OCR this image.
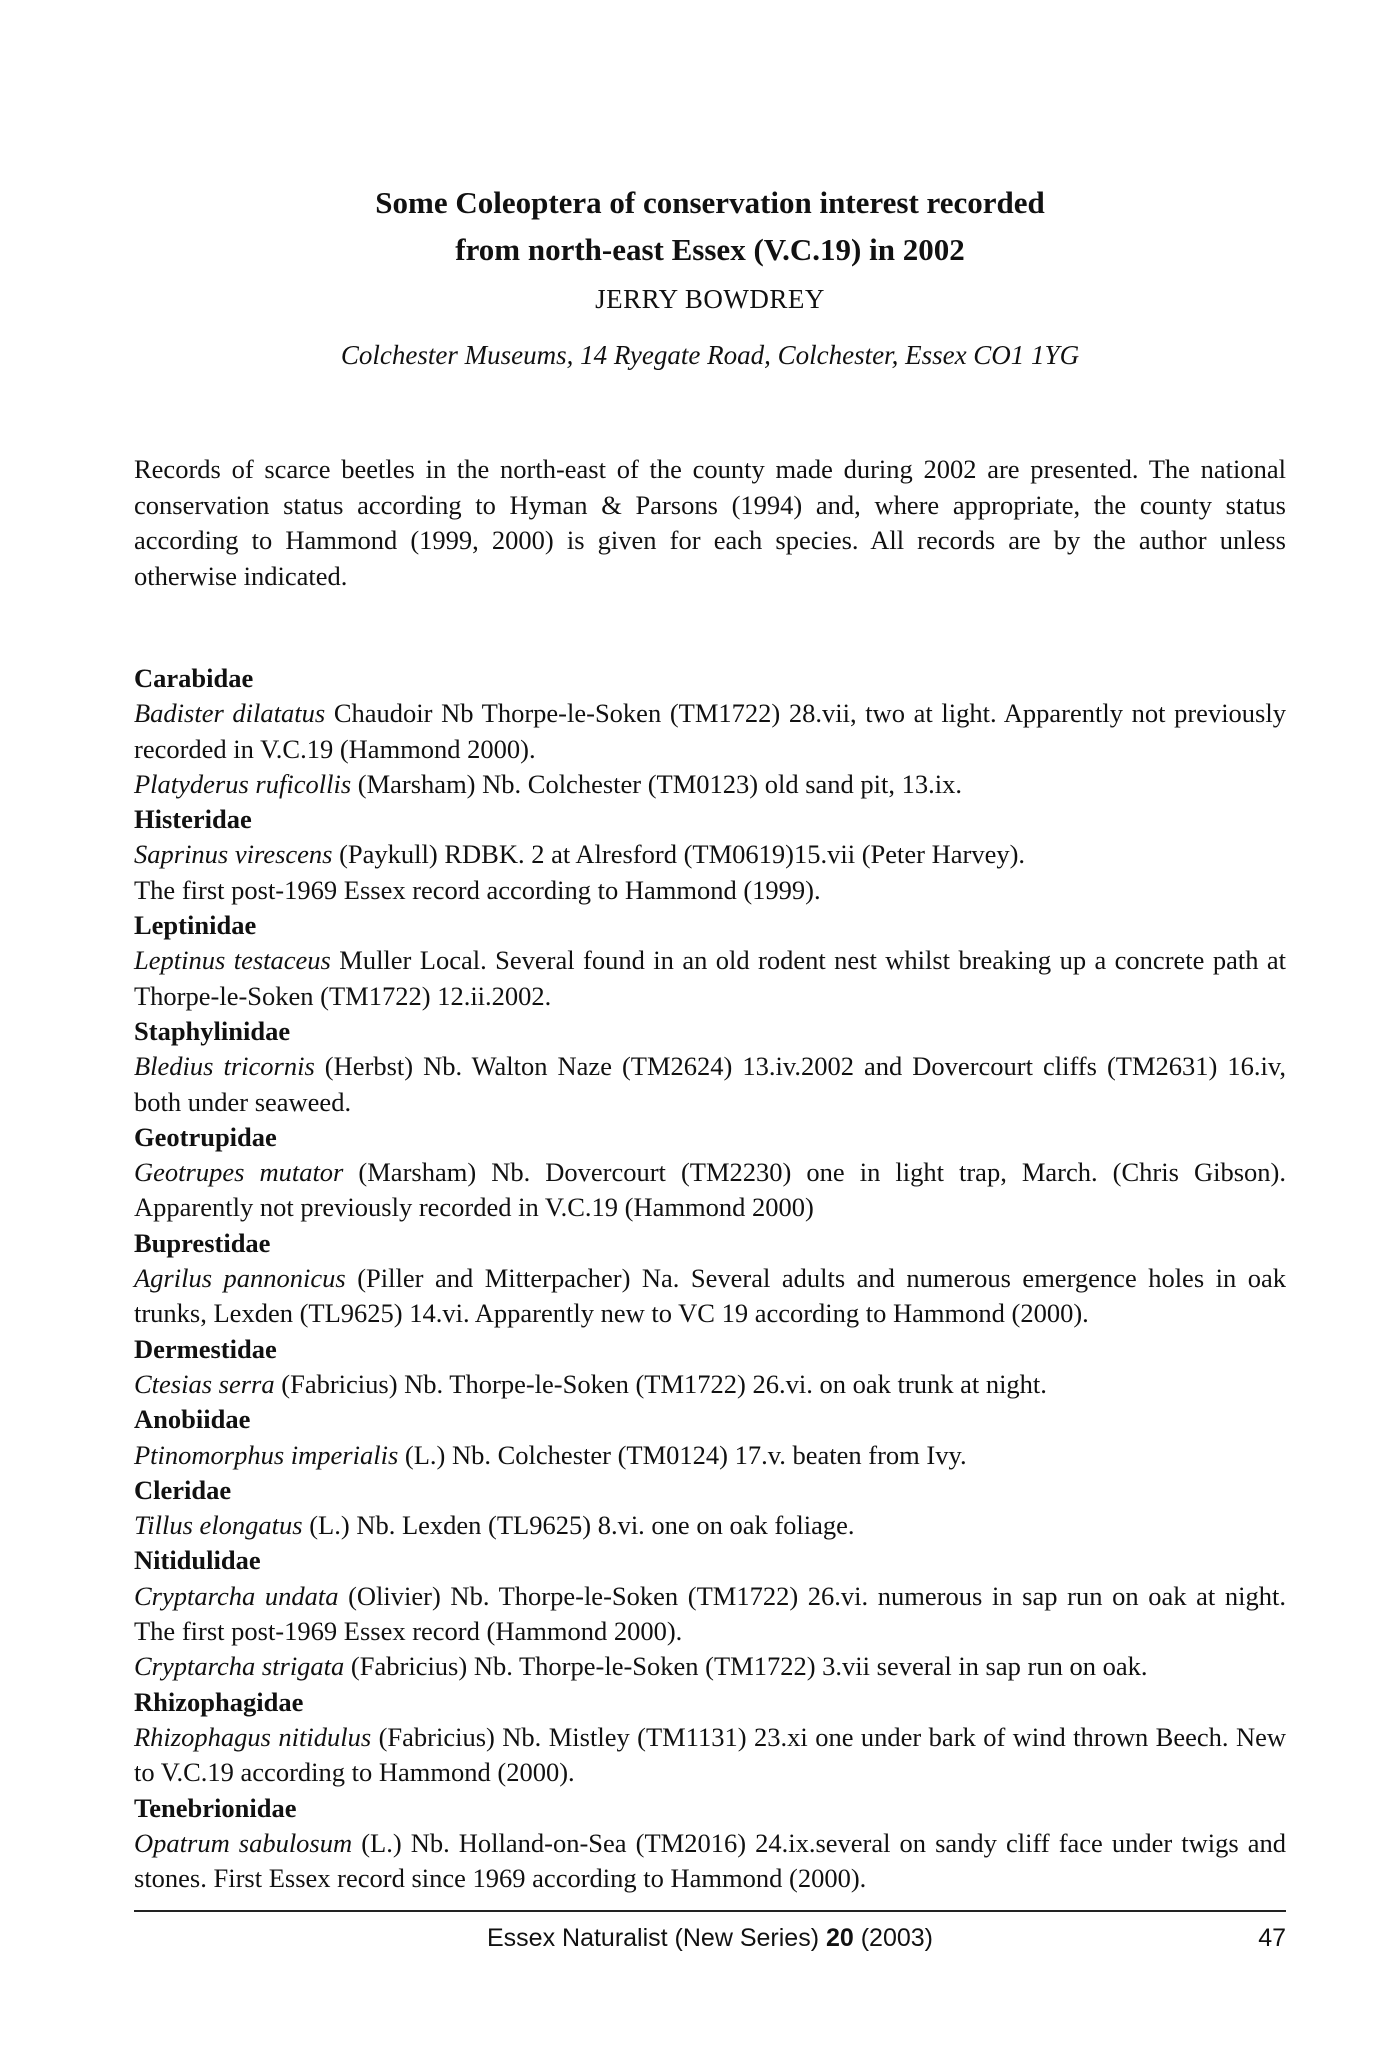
Some Coleoptera of conservation interest recorded
from north-east Essex (V.C.19) in 2002
JERRY BOWDREY
Colchester Museums, 14 Ryegate Road, Colchester, Essex CO1 1YG

Records of scarce beetles in the north-east of the county made during 2002 are presented. The national conservation status according to Hyman & Parsons (1994) and, where appropriate, the county status according to Hammond (1999, 2000) is given for each species. All records are by the author unless otherwise indicated.

Carabidae

Badister dilatatus Chaudoir Nb Thorpe-le-Soken (TM1722) 28.vii, two at light. Apparently not previously recorded in V.C.19 (Hammond 2000).

Platyderus ruficollis (Marsham) Nb. Colchester (TM0123) old sand pit, 13.ix.

Histeridae

Saprinus virescens (Paykull) RDBK. 2 at Alresford (TM0619)15.vii (Peter Harvey).

The first post-1969 Essex record according to Hammond (1999).

Leptinidae

Leptinus testaceus Muller Local. Several found in an old rodent nest whilst breaking up a concrete path at Thorpe-le-Soken (TM1722) 12.ii.2002.

Staphylinidae

Bledius tricornis (Herbst) Nb. Walton Naze (TM2624) 13.iv.2002 and Dovercourt cliffs (TM2631) 16.iv, both under seaweed.

Geotrupidae

Geotrupes mutator (Marsham) Nb. Dovercourt (TM2230) one in light trap, March. (Chris Gibson). Apparently not previously recorded in V.C.19 (Hammond 2000)

Buprestidae

Agrilus pannonicus (Piller and Mitterpacher) Na. Several adults and numerous emergence holes in oak trunks, Lexden (TL9625) 14.vi. Apparently new to VC 19 according to Hammond (2000).

Dermestidae

Ctesias serra (Fabricius) Nb. Thorpe-le-Soken (TM1722) 26.vi. on oak trunk at night.

Anobiidae

Ptinomorphus imperialis (L.) Nb. Colchester (TM0124) 17.v. beaten from Ivy.

Cleridae

Tillus elongatus (L.) Nb. Lexden (TL9625) 8.vi. one on oak foliage.

Nitidulidae

Cryptarcha undata (Olivier) Nb. Thorpe-le-Soken (TM1722) 26.vi. numerous in sap run on oak at night. The first post-1969 Essex record (Hammond 2000).

Cryptarcha strigata (Fabricius) Nb. Thorpe-le-Soken (TM1722) 3.vii several in sap run on oak.

Rhizophagidae

Rhizophagus nitidulus (Fabricius) Nb. Mistley (TM1131) 23.xi one under bark of wind thrown Beech. New to V.C.19 according to Hammond (2000).

Tenebrionidae

Opatrum sabulosum (L.) Nb. Holland-on-Sea (TM2016) 24.ix.several on sandy cliff face under twigs and stones. First Essex record since 1969 according to Hammond (2000).

Essex Naturalist (New Series) 20 (2003)	47
